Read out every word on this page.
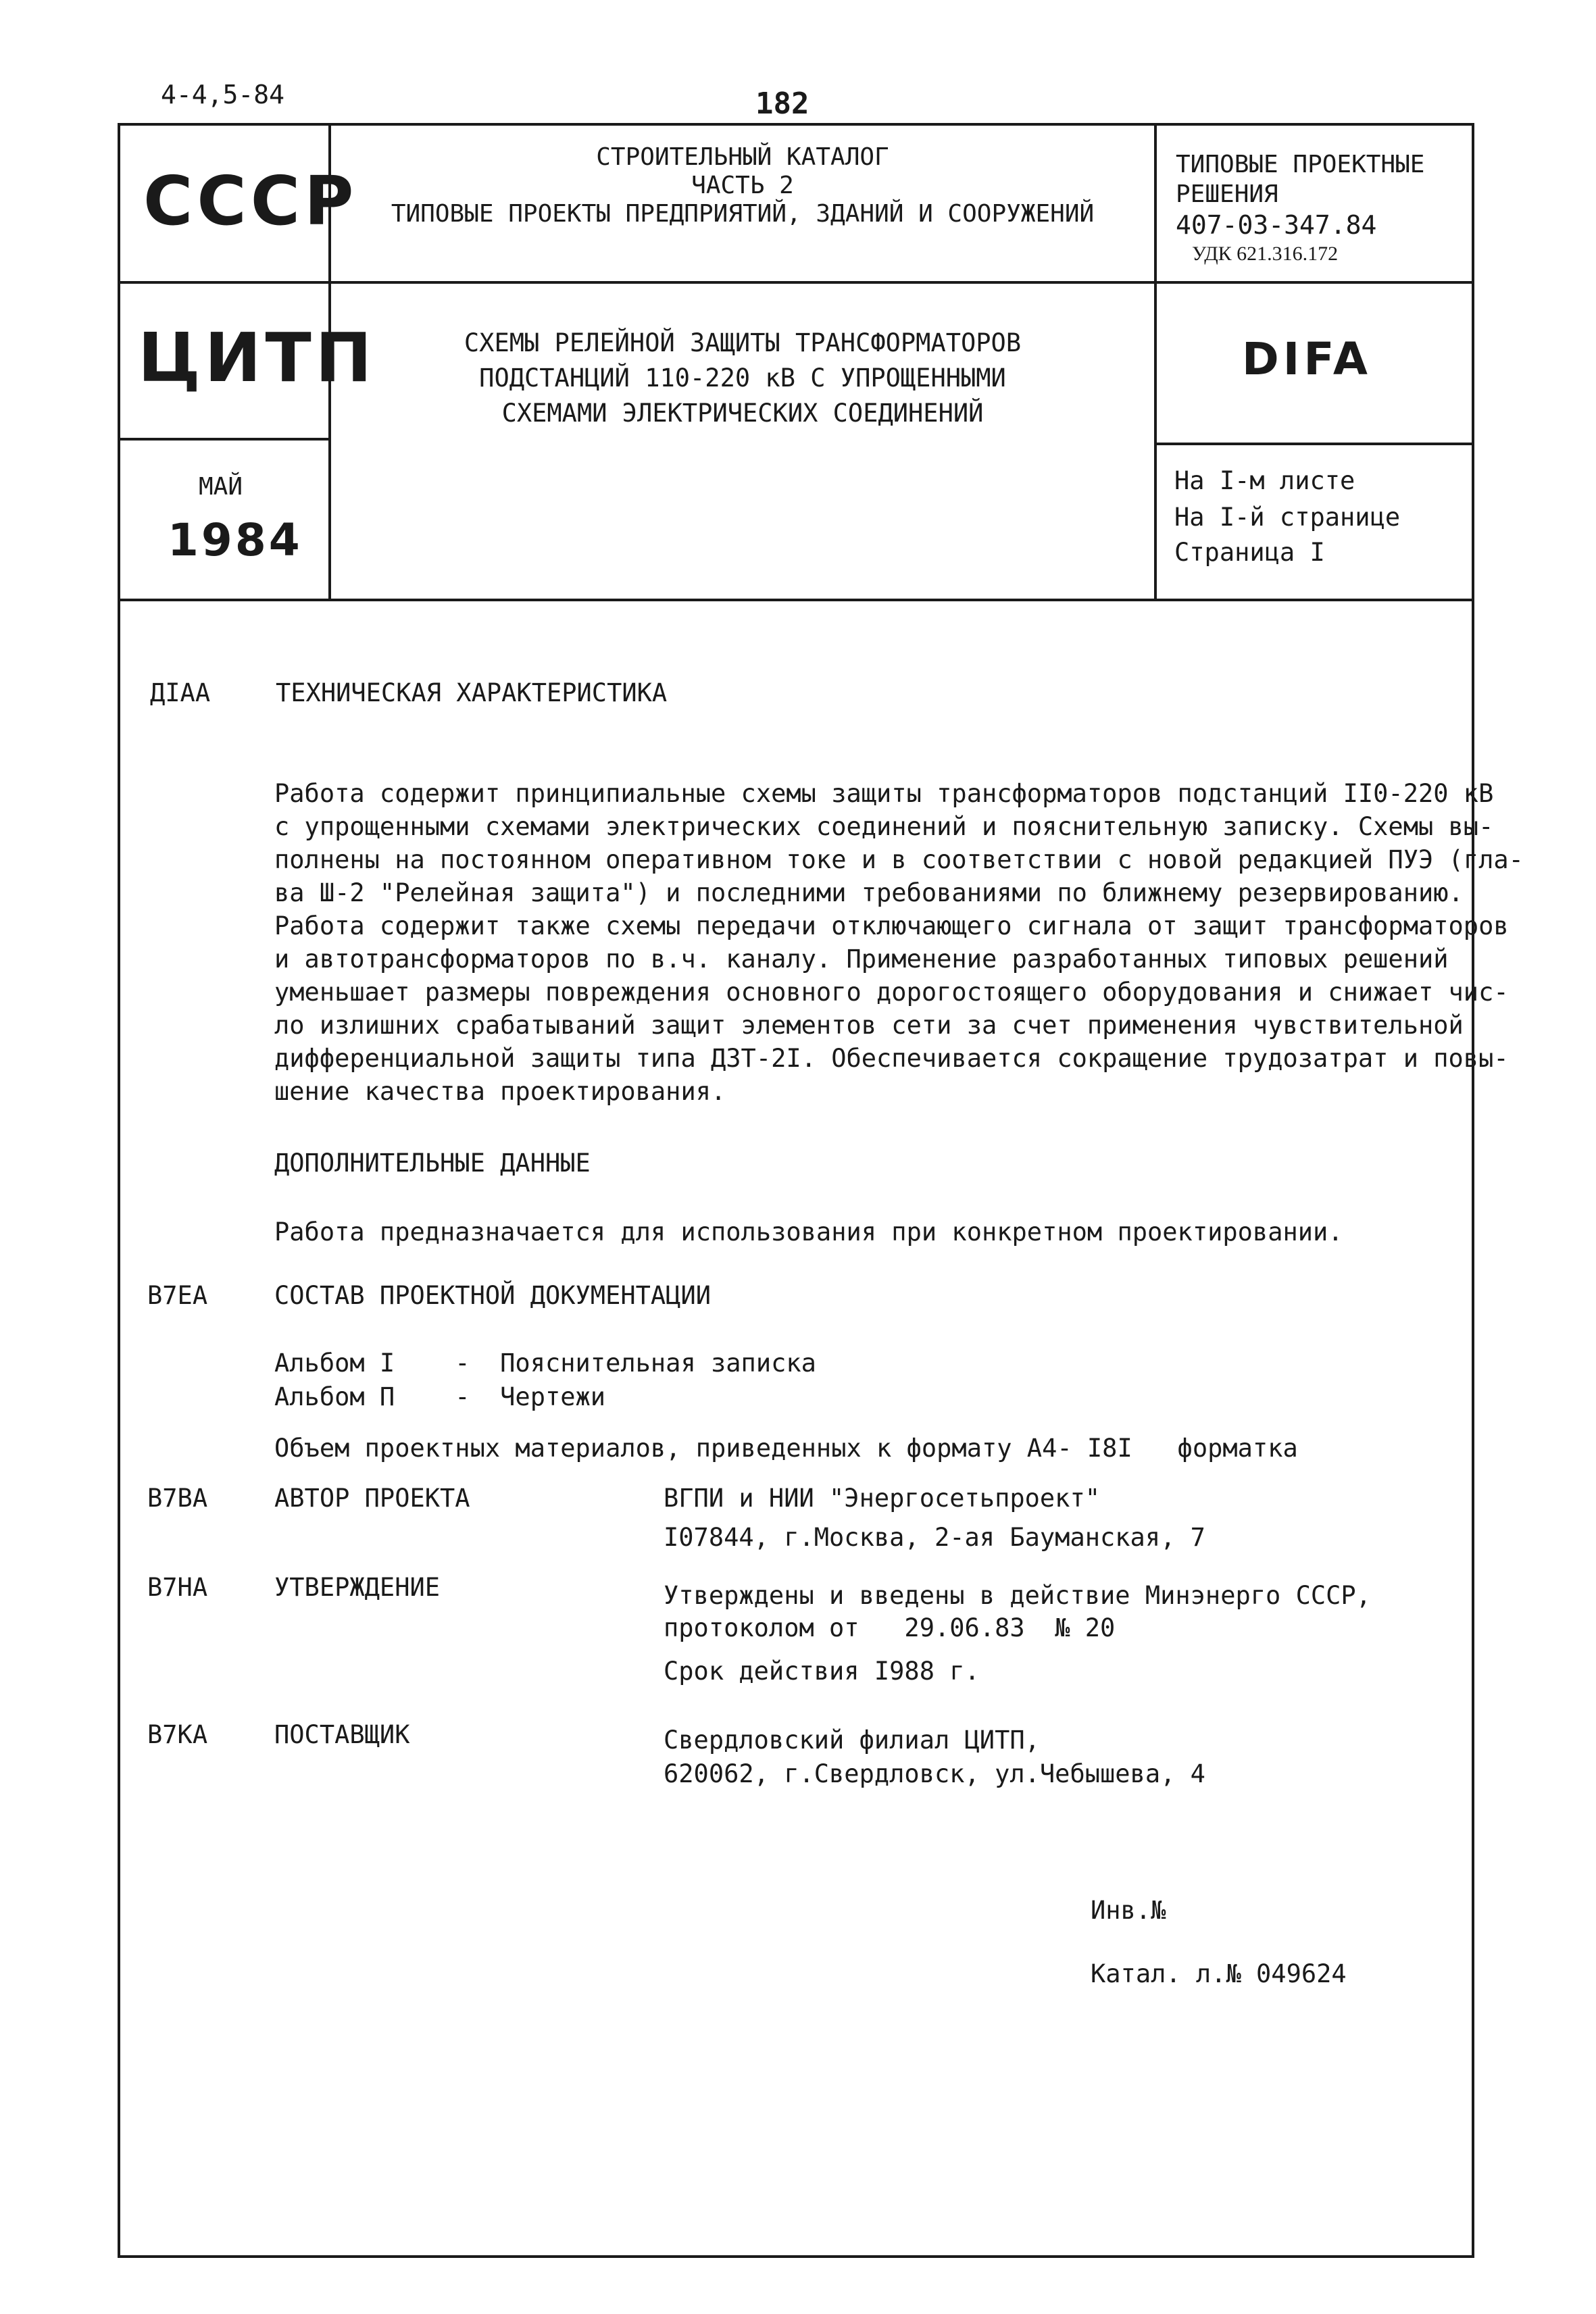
4-4,5-84	182
СССР
СТРОИТЕЛЬНЫЙ КАТАЛОГ
ЧАСТЬ 2
ТИПОВЫЕ ПРОЕКТЫ ПРЕДПРИЯТИЙ, ЗДАНИЙ И СООРУЖЕНИЙ
ТИПОВЫЕ ПРОЕКТНЫЕ
РЕШЕНИЯ
407-03-347.84
УДК 621.316.172
ЦИТП	СХЕМЫ РЕЛЕЙНОЙ ЗАЩИТЫ ТРАНСФОРМАТОРОВ
ПОДСТАНЦИЙ 110-220 кВ С УПРОЩЕННЫМИ
СХЕМАМИ ЭЛЕКТРИЧЕСКИХ СОЕДИНЕНИЙ
DIFA
МАЙ
1984
На I-м листе
На I-й странице
Страница I
ДІАА	ТЕХНИЧЕСКАЯ ХАРАКТЕРИСТИКА

Работа содержит принципиальные схемы защиты трансформаторов подстанций II0-220 кВ

с упрощенными схемами электрических соединений и пояснительную записку. Схемы вы-

полнены на постоянном оперативном токе и в соответствии с новой редакцией ПУЭ (гла-

ва Ш-2 "Релейная защита") и последними требованиями по ближнему резервированию.

Работа содержит также схемы передачи отключающего сигнала от защит трансформаторов

и автотрансформаторов по в.ч. каналу. Применение разработанных типовых решений

уменьшает размеры повреждения основного дорогостоящего оборудования и снижает чис-

ло излишних срабатываний защит элементов сети за счет применения чувствительной

дифференциальной защиты типа ДЗТ-2I. Обеспечивается сокращение трудозатрат и повы-

шение качества проектирования.

ДОПОЛНИТЕЛЬНЫЕ ДАННЫЕ
Работа предназначается для использования при конкретном проектировании.
В7ЕА	СОСТАВ ПРОЕКТНОЙ ДОКУМЕНТАЦИИ
Альбом I    -  Пояснительная записка
Альбом П    -  Чертежи
Объем проектных материалов, приведенных к формату А4- I8I   форматка
В7ВА	АВТОР ПРОЕКТА	ВГПИ и НИИ "Энергосетьпроект"
I07844, г.Москва, 2-ая Бауманская, 7
В7НА	УТВЕРЖДЕНИЕ	Утверждены и введены в действие Минэнерго СССР,
протоколом от   29.06.83  № 20
Срок действия I988 г.
В7КА	ПОСТАВЩИК	Свердловский филиал ЦИТП,
620062, г.Свердловск, ул.Чебышева, 4
Инв.№
Катал. л.№ 049624
